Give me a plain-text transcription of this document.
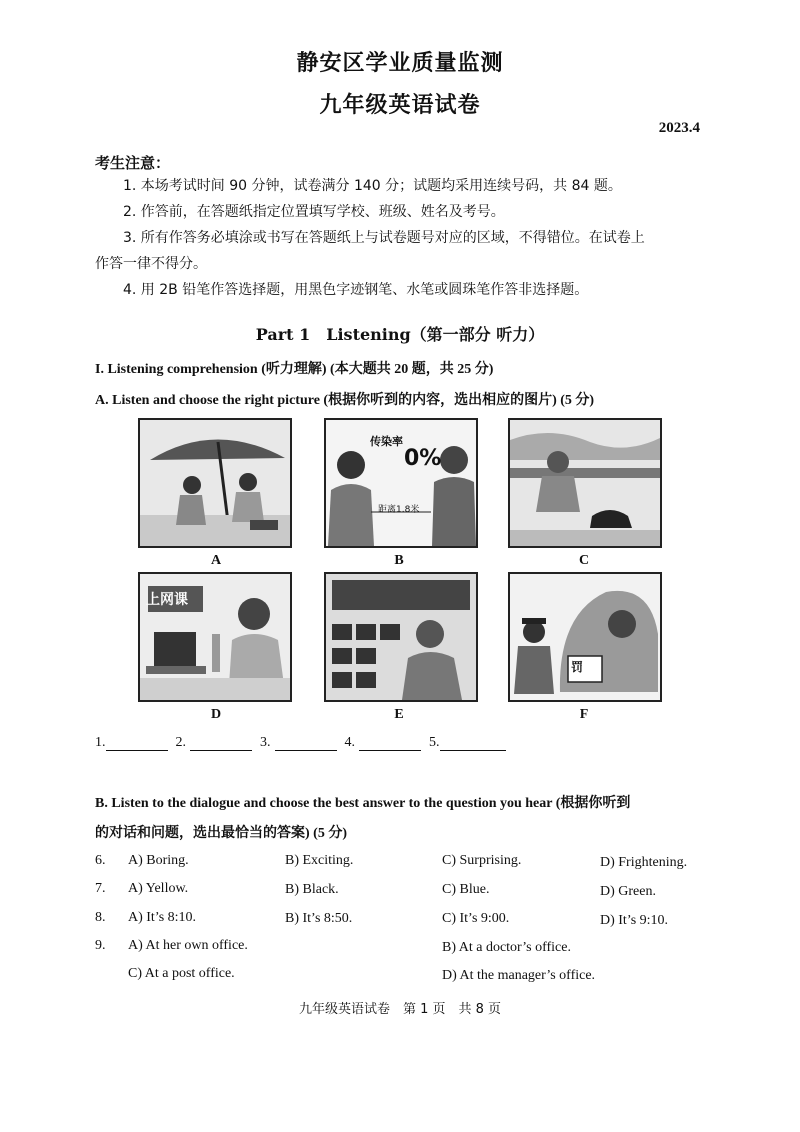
静安区学业质量监测
九年级英语试卷
2023.4
考生注意：
1. 本场考试时间 90 分钟，试卷满分 140 分；试题均采用连续号码，共 84 题。
2. 作答前，在答题纸指定位置填写学校、班级、姓名及考号。
3. 所有作答务必填涂或书写在答题纸上与试卷题号对应的区域，不得错位。在试卷上
作答一律不得分。
4. 用 2B 铅笔作答选择题，用黑色字迹钢笔、水笔或圆珠笔作答非选择题。
Part 1　Listening（第一部分 听力）
I. Listening comprehension (听力理解) (本大题共 20 题，共 25 分)
A. Listen and choose the right picture (根据你听到的内容，选出相应的图片) (5 分)
A
传染率
0%
距离1.8米
B	C
上网课
D	E
罚
F
1.	2.	3.	4.	5.
B. Listen to the dialogue and choose the best answer to the question you hear (根据你听到
的对话和问题，选出最恰当的答案) (5 分)
6. A) Boring.	B) Exciting.	C) Surprising.	D) Frightening.
7. A) Yellow.	B) Black.	C) Blue.	D) Green.
8. A) It’s 8:10.	B) It’s 8:50.	C) It’s 9:00.	D) It’s 9:10.
9. A) At her own office.	B) At a doctor’s office.
C) At a post office.	D) At the manager’s office.
九年级英语试卷　第 1 页　共 8 页
